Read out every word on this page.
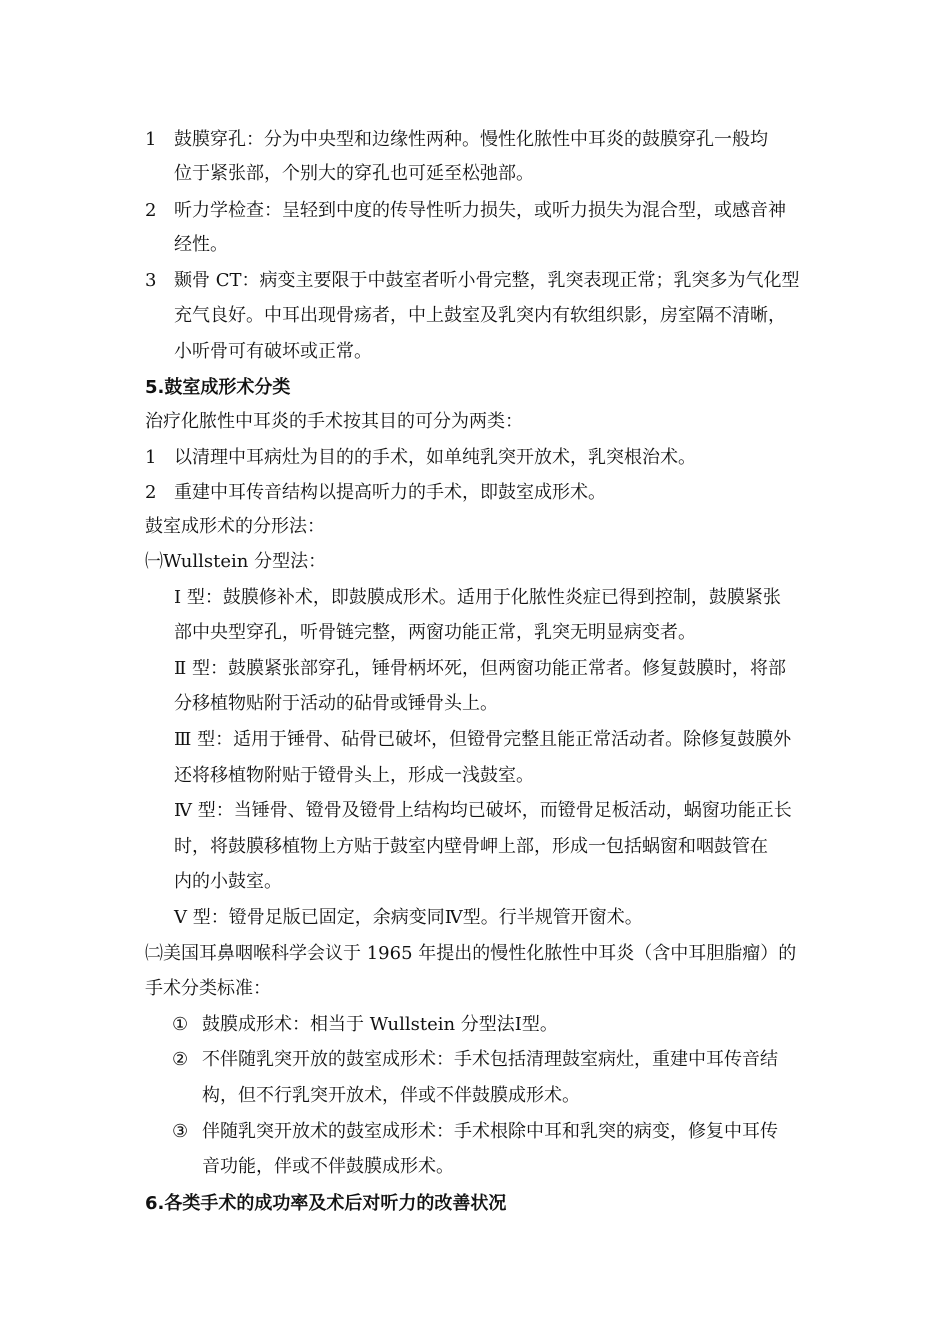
1 鼓膜穿孔：分为中央型和边缘性两种。慢性化脓性中耳炎的鼓膜穿孔一般均
位于紧张部，个别大的穿孔也可延至松弛部。
2 听力学检查：呈轻到中度的传导性听力损失，或听力损失为混合型，或感音神
经性。
3 颞骨 CT：病变主要限于中鼓室者听小骨完整，乳突表现正常；乳突多为气化型
充气良好。中耳出现骨疡者，中上鼓室及乳突内有软组织影，房室隔不清晰，
小听骨可有破坏或正常。
5.鼓室成形术分类
治疗化脓性中耳炎的手术按其目的可分为两类：
1 以清理中耳病灶为目的的手术，如单纯乳突开放术，乳突根治术。
2 重建中耳传音结构以提高听力的手术，即鼓室成形术。
鼓室成形术的分形法：
㈠Wullstein 分型法：
Ⅰ 型：鼓膜修补术，即鼓膜成形术。适用于化脓性炎症已得到控制，鼓膜紧张
部中央型穿孔，听骨链完整，两窗功能正常，乳突无明显病变者。
Ⅱ 型：鼓膜紧张部穿孔，锤骨柄坏死，但两窗功能正常者。修复鼓膜时，将部
分移植物贴附于活动的砧骨或锤骨头上。
Ⅲ 型：适用于锤骨、砧骨已破坏，但镫骨完整且能正常活动者。除修复鼓膜外
还将移植物附贴于镫骨头上，形成一浅鼓室。
Ⅳ 型：当锤骨、镫骨及镫骨上结构均已破坏，而镫骨足板活动，蜗窗功能正长
时，将鼓膜移植物上方贴于鼓室内壁骨岬上部，形成一包括蜗窗和咽鼓管在
内的小鼓室。
Ⅴ 型：镫骨足版已固定，余病变同Ⅳ型。行半规管开窗术。
㈡美国耳鼻咽喉科学会议于 1965 年提出的慢性化脓性中耳炎（含中耳胆脂瘤）的
手术分类标准：
① 鼓膜成形术：相当于 Wullstein 分型法Ⅰ型。
② 不伴随乳突开放的鼓室成形术：手术包括清理鼓室病灶，重建中耳传音结
构，但不行乳突开放术，伴或不伴鼓膜成形术。
③ 伴随乳突开放术的鼓室成形术：手术根除中耳和乳突的病变，修复中耳传
音功能，伴或不伴鼓膜成形术。
6.各类手术的成功率及术后对听力的改善状况
